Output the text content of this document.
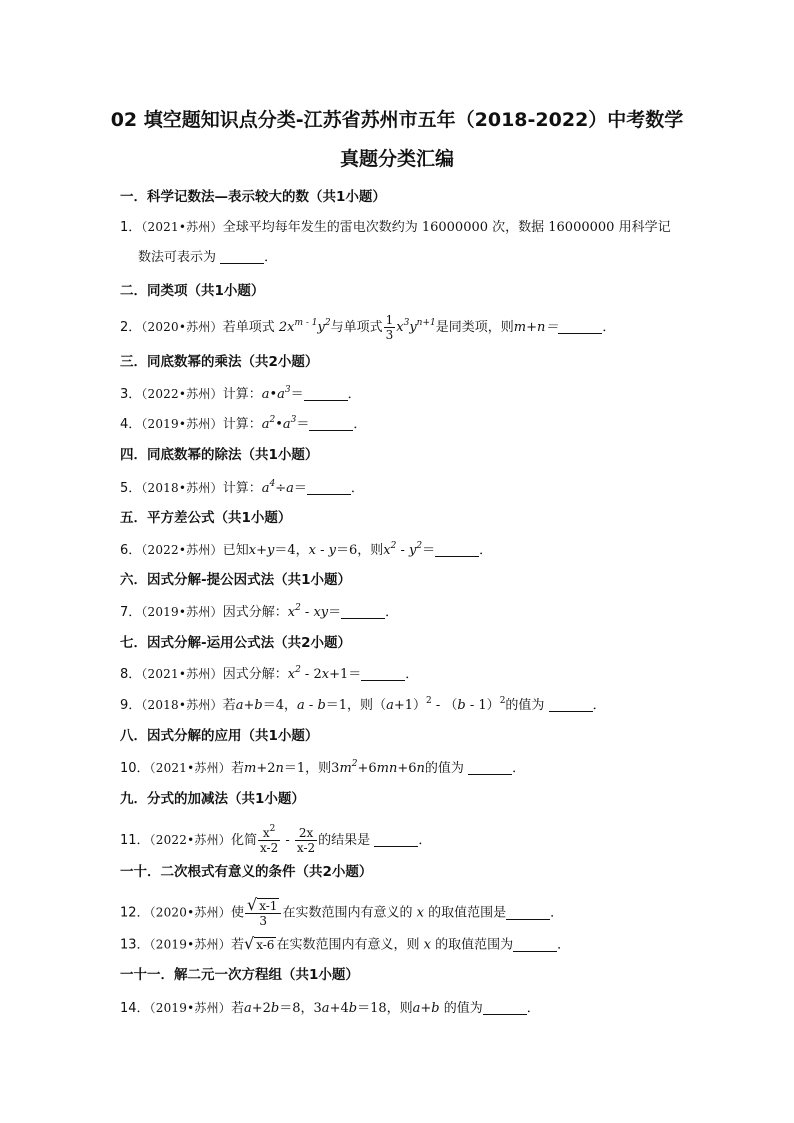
02 填空题知识点分类-江苏省苏州市五年（2018-2022）中考数学
真题分类汇编
一．科学记数法—表示较大的数（共1小题）
1．（2021•苏州）全球平均每年发生的雷电次数约为 16000000 次，数据 16000000 用科学记
数法可表示为	．
二．同类项（共1小题）
2．（2020•苏州）若单项式 $2x^{m - 1}y^2$与单项式 $\frac{1}{3} x^3y^{n+1}$是同类项，则m+n＝	．
三．同底数幂的乘法（共2小题）
3．（2022•苏州）计算：$a•a^3=$	．
4．（2019•苏州）计算：$a^2•a^3=$	．
四．同底数幂的除法（共1小题）
5．（2018•苏州）计算：$a^4\div a=$	．
五．平方差公式（共1小题）
6．（2022•苏州）已知x+y＝4，x - y＝6，则$x^2 - y^2=$	．
六．因式分解-提公因式法（共1小题）
7．（2019•苏州）因式分解：$x^2 - xy=$	．
七．因式分解-运用公式法（共2小题）
8．（2021•苏州）因式分解：$x^2 - 2x+1=$	．
9．（2018•苏州）若a+b＝4，a - b＝1，则$(a+1)^2 - (b - 1)^2$的值为	．
八．因式分解的应用（共1小题）
10．（2021•苏州）若m+2n＝1，则$3m^2+6mn+6n$的值为	．
九．分式的加减法（共1小题）
11．（2022•苏州）化简 $\frac{x^2}{x-2} - \frac{2x}{x-2}$ 的结果是	．
一十．二次根式有意义的条件（共2小题）
12．（2020•苏州）使 $\frac{√ x-1}{3}$ 在实数范围内有意义的 x 的取值范围是	．
13．（2019•苏州）若√ x-6 在实数范围内有意义，则 x 的取值范围为	．
一十一．解二元一次方程组（共1小题）
14．（2019•苏州）若a+2b＝8，3a+4b＝18，则a+b 的值为	．
